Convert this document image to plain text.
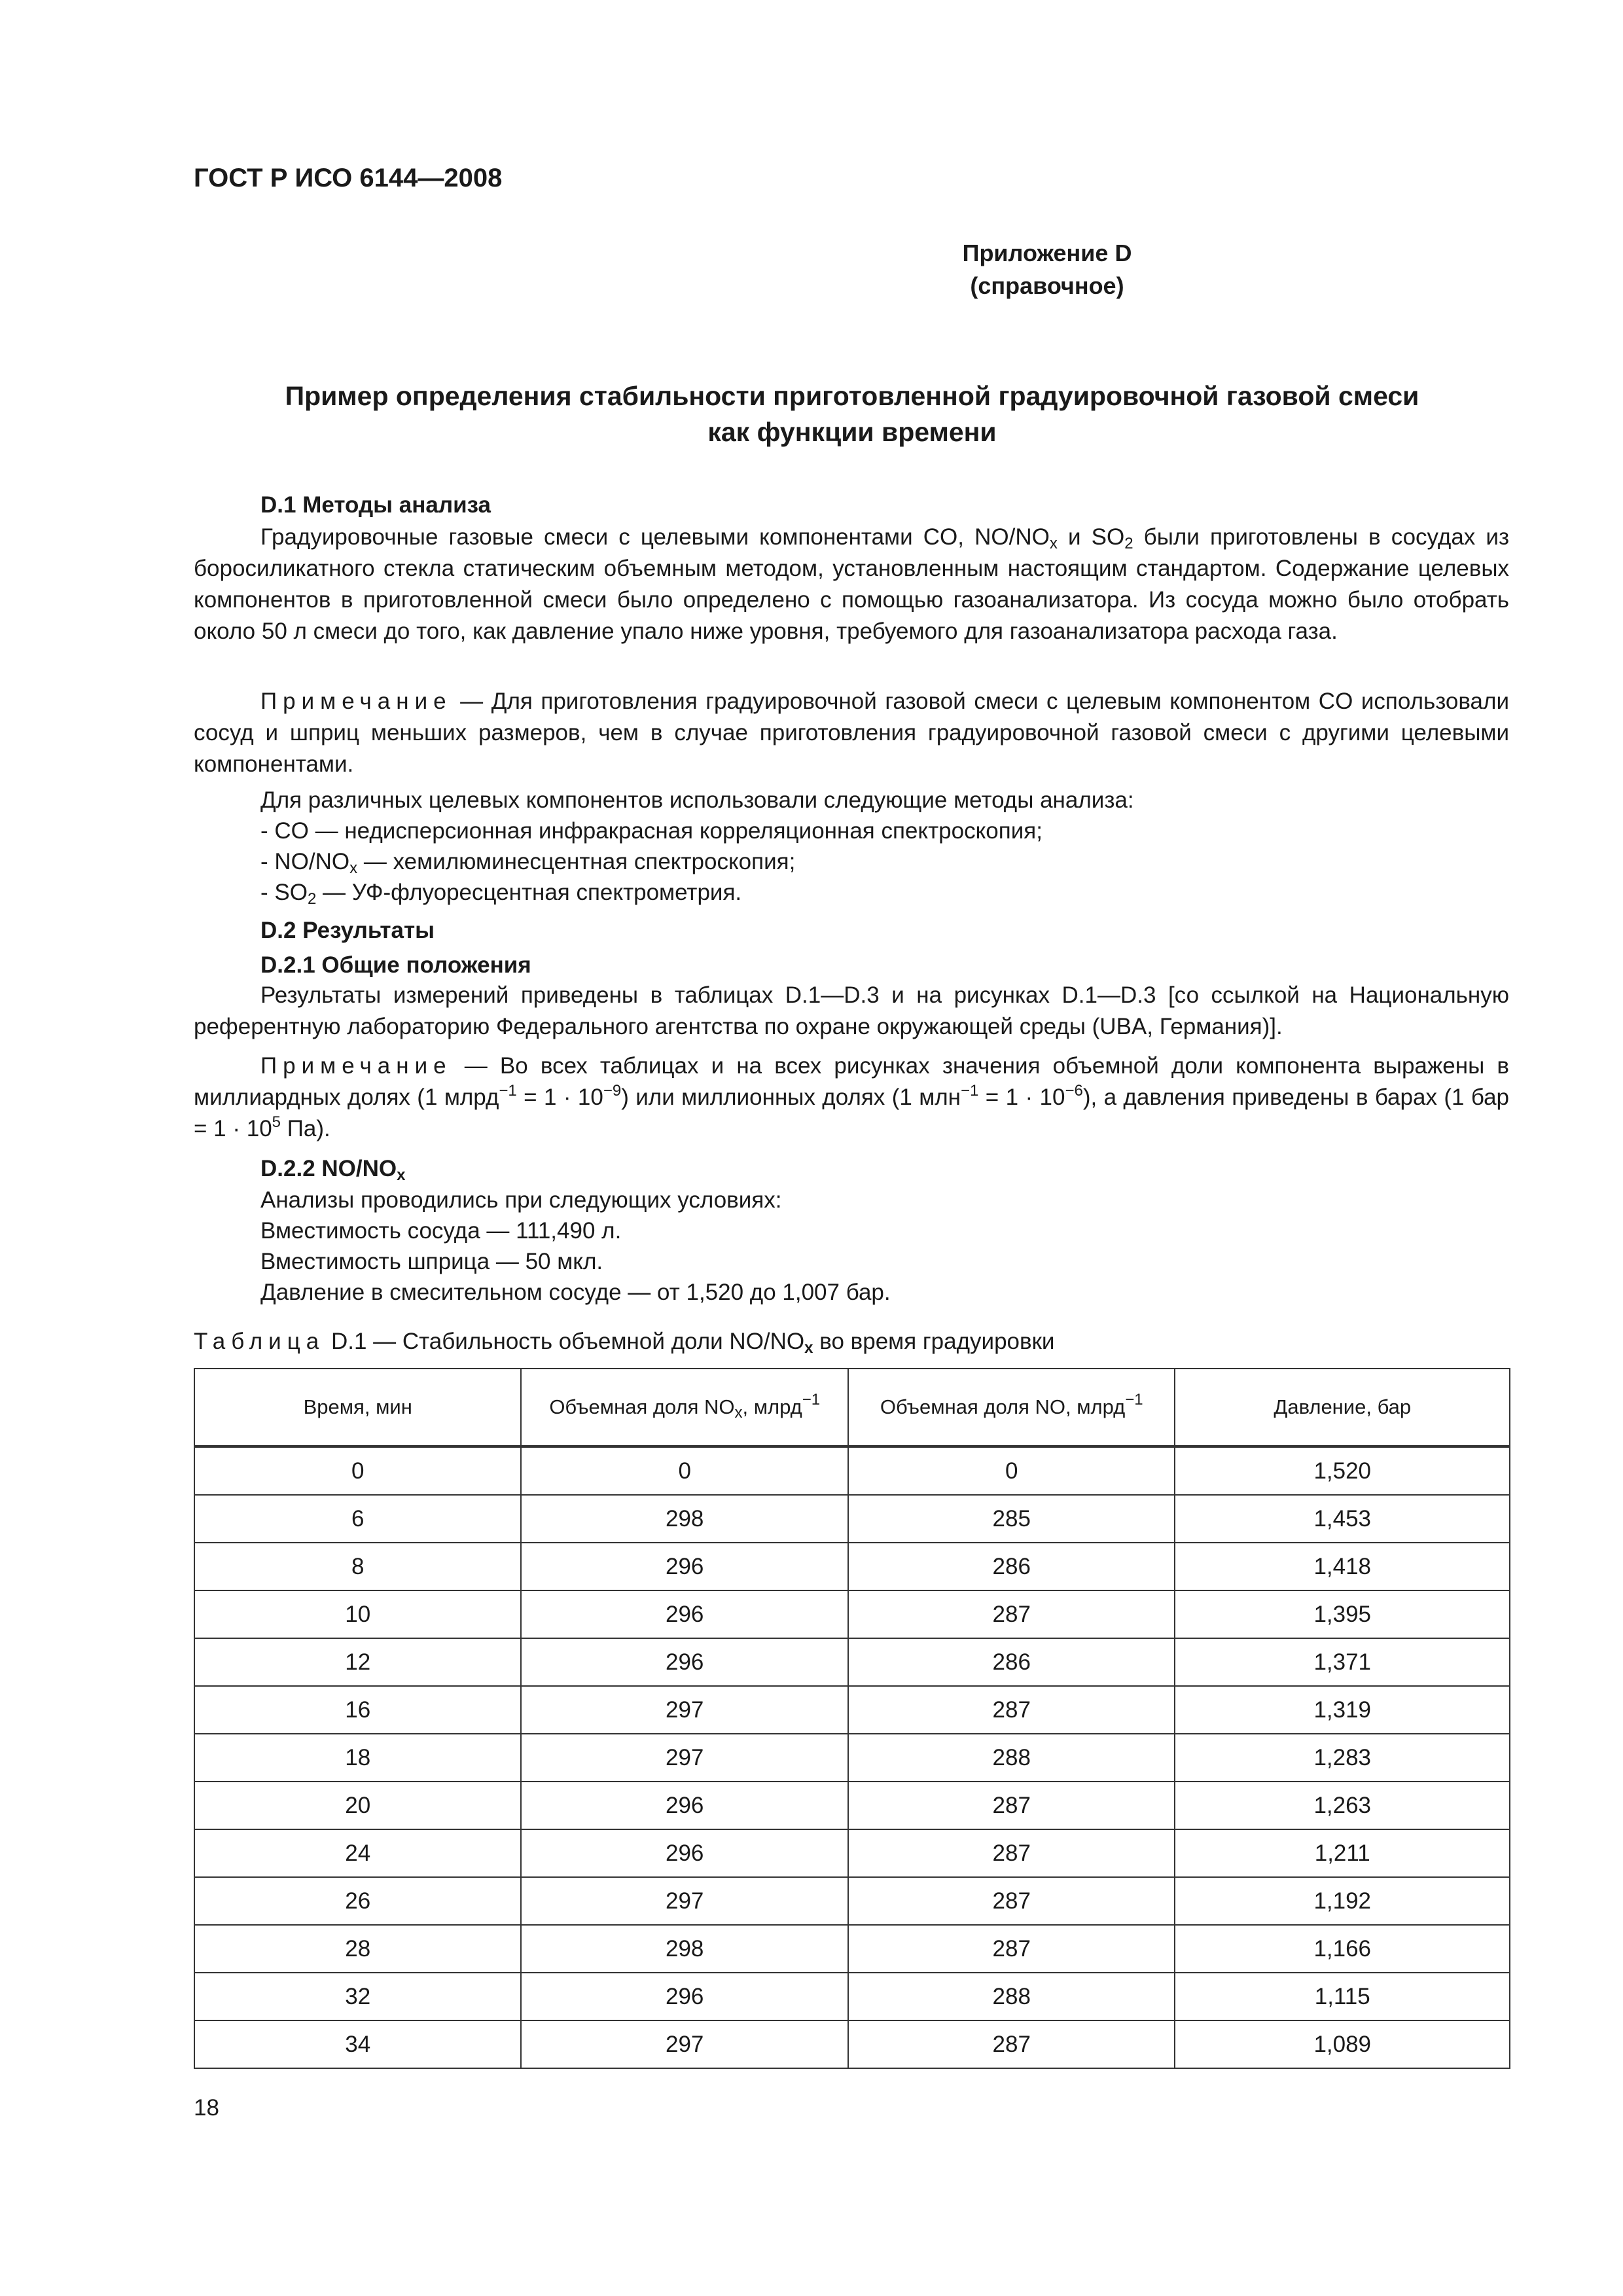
ГОСТ Р ИСО 6144—2008
Приложение D
(справочное)
Пример определения стабильности приготовленной градуировочной газовой смеси
как функции времени
D.1 Методы анализа

Градуировочные газовые смеси с целевыми компонентами CO, $NO/NO_x$ и $SO_2$ были приготовлены в сосудах из боросиликатного стекла статическим объемным методом, установленным настоящим стандартом. Содержание целевых компонентов в приготовленной смеси было определено с помощью газоанализатора. Из сосуда можно было отобрать около 50 л смеси до того, как давление упало ниже уровня, требуемого для газоанализатора расхода газа.

Примечание — Для приготовления градуировочной газовой смеси с целевым компонентом CO использовали сосуд и шприц меньших размеров, чем в случае приготовления градуировочной газовой смеси с другими целевыми компонентами.

Для различных целевых компонентов использовали следующие методы анализа:
- CO — недисперсионная инфракрасная корреляционная спектроскопия;
- $NO/NO_x$ — хемилюминесцентная спектроскопия;
- $SO_2$ — УФ-флуоресцентная спектрометрия.
D.2 Результаты
D.2.1 Общие положения

Результаты измерений приведены в таблицах D.1—D.3 и на рисунках D.1—D.3 [со ссылкой на Национальную референтную лабораторию Федерального агентства по охране окружающей среды (UBA, Германия)].

Примечание — Во всех таблицах и на всех рисунках значения объемной доли компонента выражены в миллиардных долях (1 млрд$^{-1}$ = $1 \cdot 10^{-9}$) или миллионных долях (1 $млн^{-1} = 1 \cdot 10^{-6}$), а давления приведены в барах (1 бар = $1 \cdot 10^5$ Па).

D.2.2 $NO/NO_x$
Анализы проводились при следующих условиях:
Вместимость сосуда — 111,490 л.
Вместимость шприца — 50 мкл.
Давление в смесительном сосуде — от 1,520 до 1,007 бар.
Таблица D.1 — Стабильность объемной доли $NO/NO_x$ во время градуировки
Время, мин	Объемная доля $NO_x$, млрд$^{-1}$	Объемная доля NO, млрд$^{-1}$	Давление, бар
0	0	0	1,520
6	298	285	1,453
8	296	286	1,418
10	296	287	1,395
12	296	286	1,371
16	297	287	1,319
18	297	288	1,283
20	296	287	1,263
24	296	287	1,211
26	297	287	1,192
28	298	287	1,166
32	296	288	1,115
34	297	287	1,089
18
